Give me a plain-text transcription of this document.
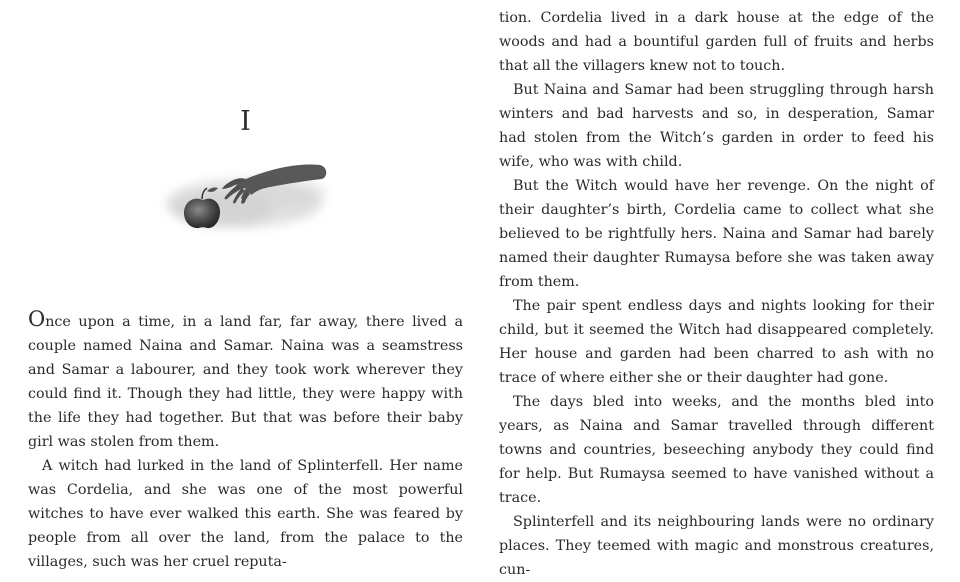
I

Once upon a time, in a land far, far away, there lived a couple named Naina and Samar. Naina was a seamstress and Samar a labourer, and they took work wherever they could find it. Though they had little, they were happy with the life they had together. But that was before their baby girl was stolen from them.

A witch had lurked in the land of Splinterfell. Her name was Cordelia, and she was one of the most powerful witches to have ever walked this earth. She was feared by people from all over the land, from the palace to the villages, such was her cruel reputa-

tion. Cordelia lived in a dark house at the edge of the woods and had a bountiful garden full of fruits and herbs that all the villagers knew not to touch.

But Naina and Samar had been struggling through harsh winters and bad harvests and so, in desperation, Samar had stolen from the Witch’s garden in order to feed his wife, who was with child.

But the Witch would have her revenge. On the night of their daughter’s birth, Cordelia came to collect what she believed to be rightfully hers. Naina and Samar had barely named their daughter Rumaysa before she was taken away from them.

The pair spent endless days and nights looking for their child, but it seemed the Witch had disappeared completely. Her house and garden had been charred to ash with no trace of where either she or their daughter had gone.

The days bled into weeks, and the months bled into years, as Naina and Samar travelled through different towns and countries, beseeching anybody they could find for help. But Rumaysa seemed to have vanished without a trace.

Splinterfell and its neighbouring lands were no ordinary places. They teemed with magic and monstrous creatures, cun-
